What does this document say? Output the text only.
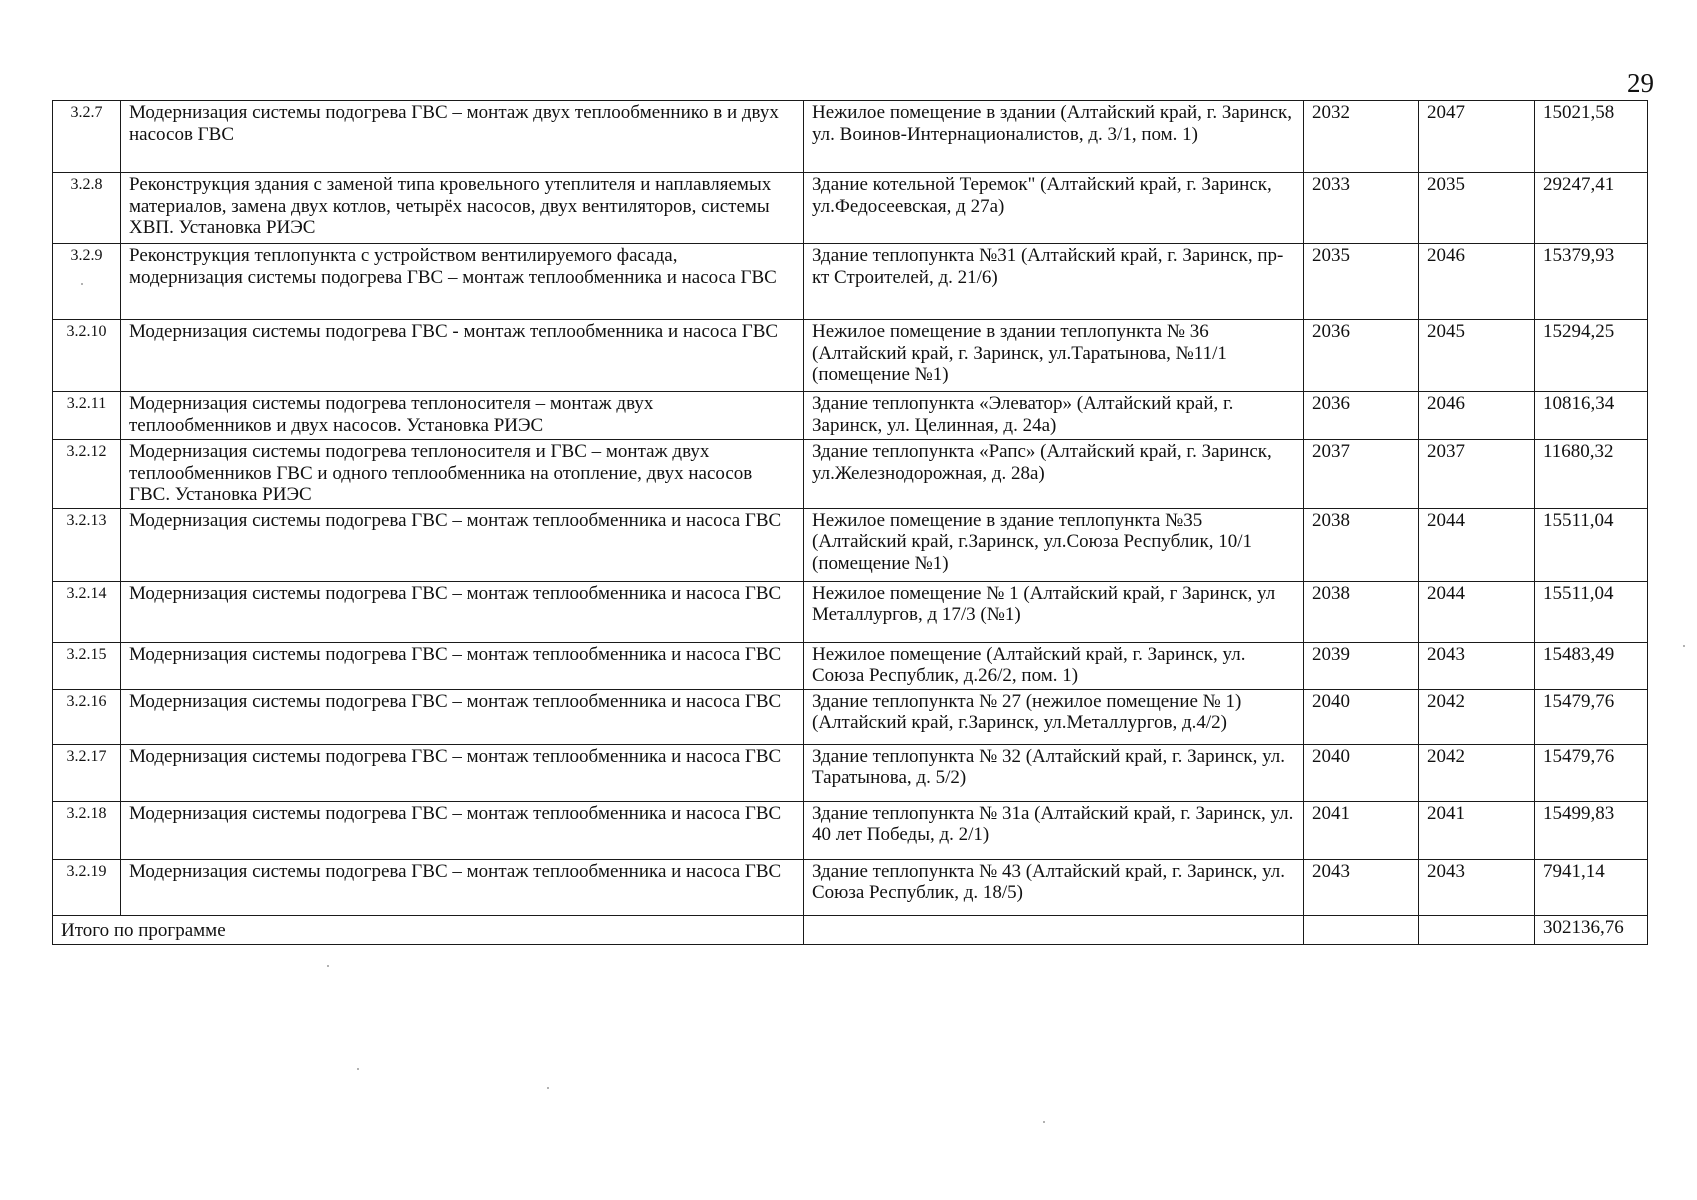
29
3.2.7	Модернизация системы подогрева ГВС – монтаж двух теплообменнико в и двух насосов ГВС	Нежилое помещение в здании (Алтайский край, г. Заринск, ул. Воинов-Интернационалистов, д. 3/1, пом. 1)	2032	2047	15021,58
3.2.8	Реконструкция здания с заменой типа кровельного утеплителя и наплавляемых материалов, замена двух котлов, четырёх насосов, двух вентиляторов, системы ХВП. Установка РИЭС	Здание котельной Теремок" (Алтайский край, г. Заринск, ул.Федосеевская, д 27а)	2033	2035	29247,41
3.2.9	Реконструкция теплопункта с устройством вентилируемого фасада, модернизация системы подогрева ГВС – монтаж теплообменника и насоса ГВС	Здание теплопункта №31 (Алтайский край, г. Заринск, пр-кт Строителей, д. 21/6)	2035	2046	15379,93
3.2.10	Модернизация системы подогрева ГВС - монтаж теплообменника и насоса ГВС	Нежилое помещение в здании теплопункта № 36 (Алтайский край, г. Заринск, ул.Таратынова, №11/1 (помещение №1)	2036	2045	15294,25
3.2.11	Модернизация системы подогрева теплоносителя – монтаж двух теплообменников и двух насосов. Установка РИЭС	Здание теплопункта «Элеватор» (Алтайский край, г. Заринск, ул. Целинная, д. 24а)	2036	2046	10816,34
3.2.12	Модернизация системы подогрева теплоносителя и ГВС – монтаж двух теплообменников ГВС и одного теплообменника на отопление, двух насосов ГВС. Установка РИЭС	Здание теплопункта «Рапс» (Алтайский край, г. Заринск, ул.Железнодорожная, д. 28а)	2037	2037	11680,32
3.2.13	Модернизация системы подогрева ГВС – монтаж теплообменника и насоса ГВС	Нежилое помещение в здание теплопункта №35 (Алтайский край, г.Заринск, ул.Союза Республик, 10/1 (помещение №1)	2038	2044	15511,04
3.2.14	Модернизация системы подогрева ГВС – монтаж теплообменника и насоса ГВС	Нежилое помещение № 1 (Алтайский край, г Заринск, ул Металлургов, д 17/3 (№1)	2038	2044	15511,04
3.2.15	Модернизация системы подогрева ГВС – монтаж теплообменника и насоса ГВС	Нежилое помещение (Алтайский край, г. Заринск, ул. Союза Республик, д.26/2, пом. 1)	2039	2043	15483,49
3.2.16	Модернизация системы подогрева ГВС – монтаж теплообменника и насоса ГВС	Здание теплопункта № 27 (нежилое помещение № 1) (Алтайский край, г.Заринск, ул.Металлургов, д.4/2)	2040	2042	15479,76
3.2.17	Модернизация системы подогрева ГВС – монтаж теплообменника и насоса ГВС	Здание теплопункта № 32 (Алтайский край, г. Заринск, ул. Таратынова, д. 5/2)	2040	2042	15479,76
3.2.18	Модернизация системы подогрева ГВС – монтаж теплообменника и насоса ГВС	Здание теплопункта № 31а (Алтайский край, г. Заринск, ул. 40 лет Победы, д. 2/1)	2041	2041	15499,83
3.2.19	Модернизация системы подогрева ГВС – монтаж теплообменника и насоса ГВС	Здание теплопункта № 43 (Алтайский край, г. Заринск, ул. Союза Республик, д. 18/5)	2043	2043	7941,14
Итого по программе					302136,76
